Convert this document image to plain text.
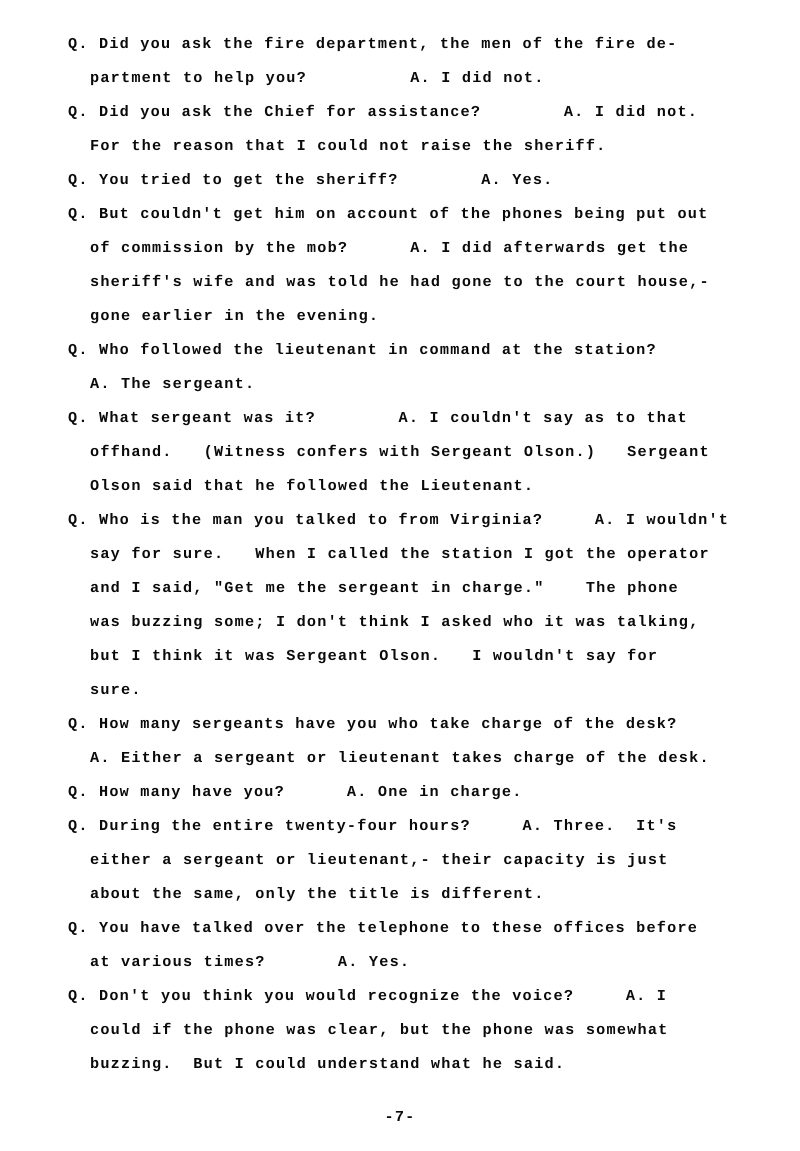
Q. Did you ask the fire department, the men of the fire de-
partment to help you?          A. I did not.
Q. Did you ask the Chief for assistance?        A. I did not.
For the reason that I could not raise the sheriff.
Q. You tried to get the sheriff?        A. Yes.
Q. But couldn't get him on account of the phones being put out
of commission by the mob?      A. I did afterwards get the
sheriff's wife and was told he had gone to the court house,-
gone earlier in the evening.
Q. Who followed the lieutenant in command at the station?
A. The sergeant.
Q. What sergeant was it?        A. I couldn't say as to that
offhand.   (Witness confers with Sergeant Olson.)   Sergeant
Olson said that he followed the Lieutenant.
Q. Who is the man you talked to from Virginia?     A. I wouldn't
say for sure.   When I called the station I got the operator
and I said, "Get me the sergeant in charge."    The phone
was buzzing some; I don't think I asked who it was talking,
but I think it was Sergeant Olson.   I wouldn't say for
sure.
Q. How many sergeants have you who take charge of the desk?
A. Either a sergeant or lieutenant takes charge of the desk.
Q. How many have you?      A. One in charge.
Q. During the entire twenty-four hours?     A. Three.  It's
either a sergeant or lieutenant,- their capacity is just
about the same, only the title is different.
Q. You have talked over the telephone to these offices before
at various times?       A. Yes.
Q. Don't you think you would recognize the voice?     A. I
could if the phone was clear, but the phone was somewhat
buzzing.  But I could understand what he said.
-7-
